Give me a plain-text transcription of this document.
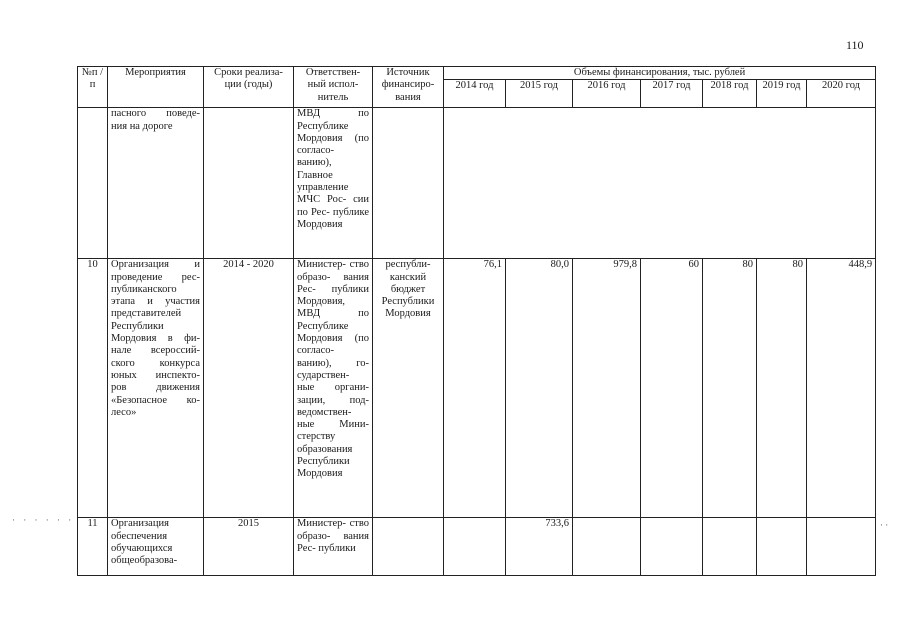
110
№п /п	Мероприятия	Сроки реализа- ции (годы)	Ответствен- ный испол- нитель	Источник финансиро- вания	Объемы финансирования, тыс. рублей						
					2014 год	2015 год	2016 год	2017 год	2018 год	2019 год	2020 год
	пасного поведе- ния на дороге		МВД по Республике Мордовия (по согласо- ванию), Главное управление МЧС Рос- сии по Рес- публике Мордовия								
10	Организация и проведение рес- публиканского этапа и участия представителей Республики Мордовия в фи- нале всероссий- ского конкурса юных инспекто- ров движения «Безопасное ко- лесо»	2014 - 2020	Министер- ство образо- вания Рес- публики Мордовия, МВД по Республике Мордовия (по согласо- ванию), го- сударствен- ные органи- зации, под- ведомствен- ные Мини- стерству образования Республики Мордовия	республи- канский бюджет Республики Мордовия	76,1	80,0	979,8	60	80	80	448,9
11	Организация обеспечения обучающихся общеобразова-	2015	Министер- ство образо- вания Рес- публики			733,6					
· · · · · ·	· ·
